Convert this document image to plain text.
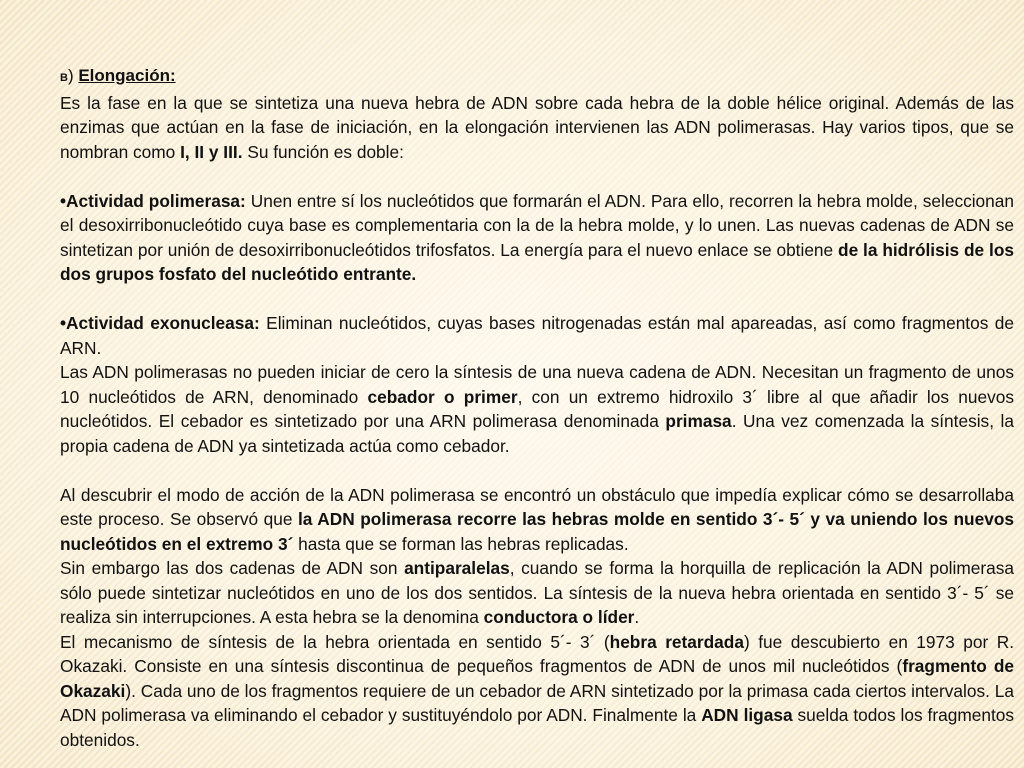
B) Elongación:

Es la fase en la que se sintetiza una nueva hebra de ADN sobre cada hebra de la doble hélice original. Además de las enzimas que actúan en la fase de iniciación, en la elongación intervienen las ADN polimerasas. Hay varios tipos, que se nombran como I, II y III. Su función es doble:

•Actividad polimerasa: Unen entre sí los nucleótidos que formarán el ADN. Para ello, recorren la hebra molde, seleccionan el desoxirribonucleótido cuya base es complementaria con la de la hebra molde, y lo unen. Las nuevas cadenas de ADN se sintetizan por unión de desoxirribonucleótidos trifosfatos. La energía para el nuevo enlace se obtiene de la hidrólisis de los dos grupos fosfato del nucleótido entrante.

•Actividad exonucleasa: Eliminan nucleótidos, cuyas bases nitrogenadas están mal apareadas, así como fragmentos de ARN.

Las ADN polimerasas no pueden iniciar de cero la síntesis de una nueva cadena de ADN. Necesitan un fragmento de unos 10 nucleótidos de ARN, denominado cebador o primer, con un extremo hidroxilo 3´ libre al que añadir los nuevos nucleótidos. El cebador es sintetizado por una ARN polimerasa denominada primasa. Una vez comenzada la síntesis, la propia cadena de ADN ya sintetizada actúa como cebador.

Al descubrir el modo de acción de la ADN polimerasa se encontró un obstáculo que impedía explicar cómo se desarrollaba este proceso. Se observó que la ADN polimerasa recorre las hebras molde en sentido 3´- 5´ y va uniendo los nuevos nucleótidos en el extremo 3´ hasta que se forman las hebras replicadas.

Sin embargo las dos cadenas de ADN son antiparalelas, cuando se forma la horquilla de replicación la ADN polimerasa sólo puede sintetizar nucleótidos en uno de los dos sentidos. La síntesis de la nueva hebra orientada en sentido 3´- 5´ se realiza sin interrupciones. A esta hebra se la denomina conductora o líder.

El mecanismo de síntesis de la hebra orientada en sentido 5´- 3´ (hebra retardada) fue descubierto en 1973 por R. Okazaki. Consiste en una síntesis discontinua de pequeños fragmentos de ADN de unos mil nucleótidos (fragmento de Okazaki). Cada uno de los fragmentos requiere de un cebador de ARN sintetizado por la primasa cada ciertos intervalos. La ADN polimerasa va eliminando el cebador y sustituyéndolo por ADN. Finalmente la ADN ligasa suelda todos los fragmentos obtenidos.
